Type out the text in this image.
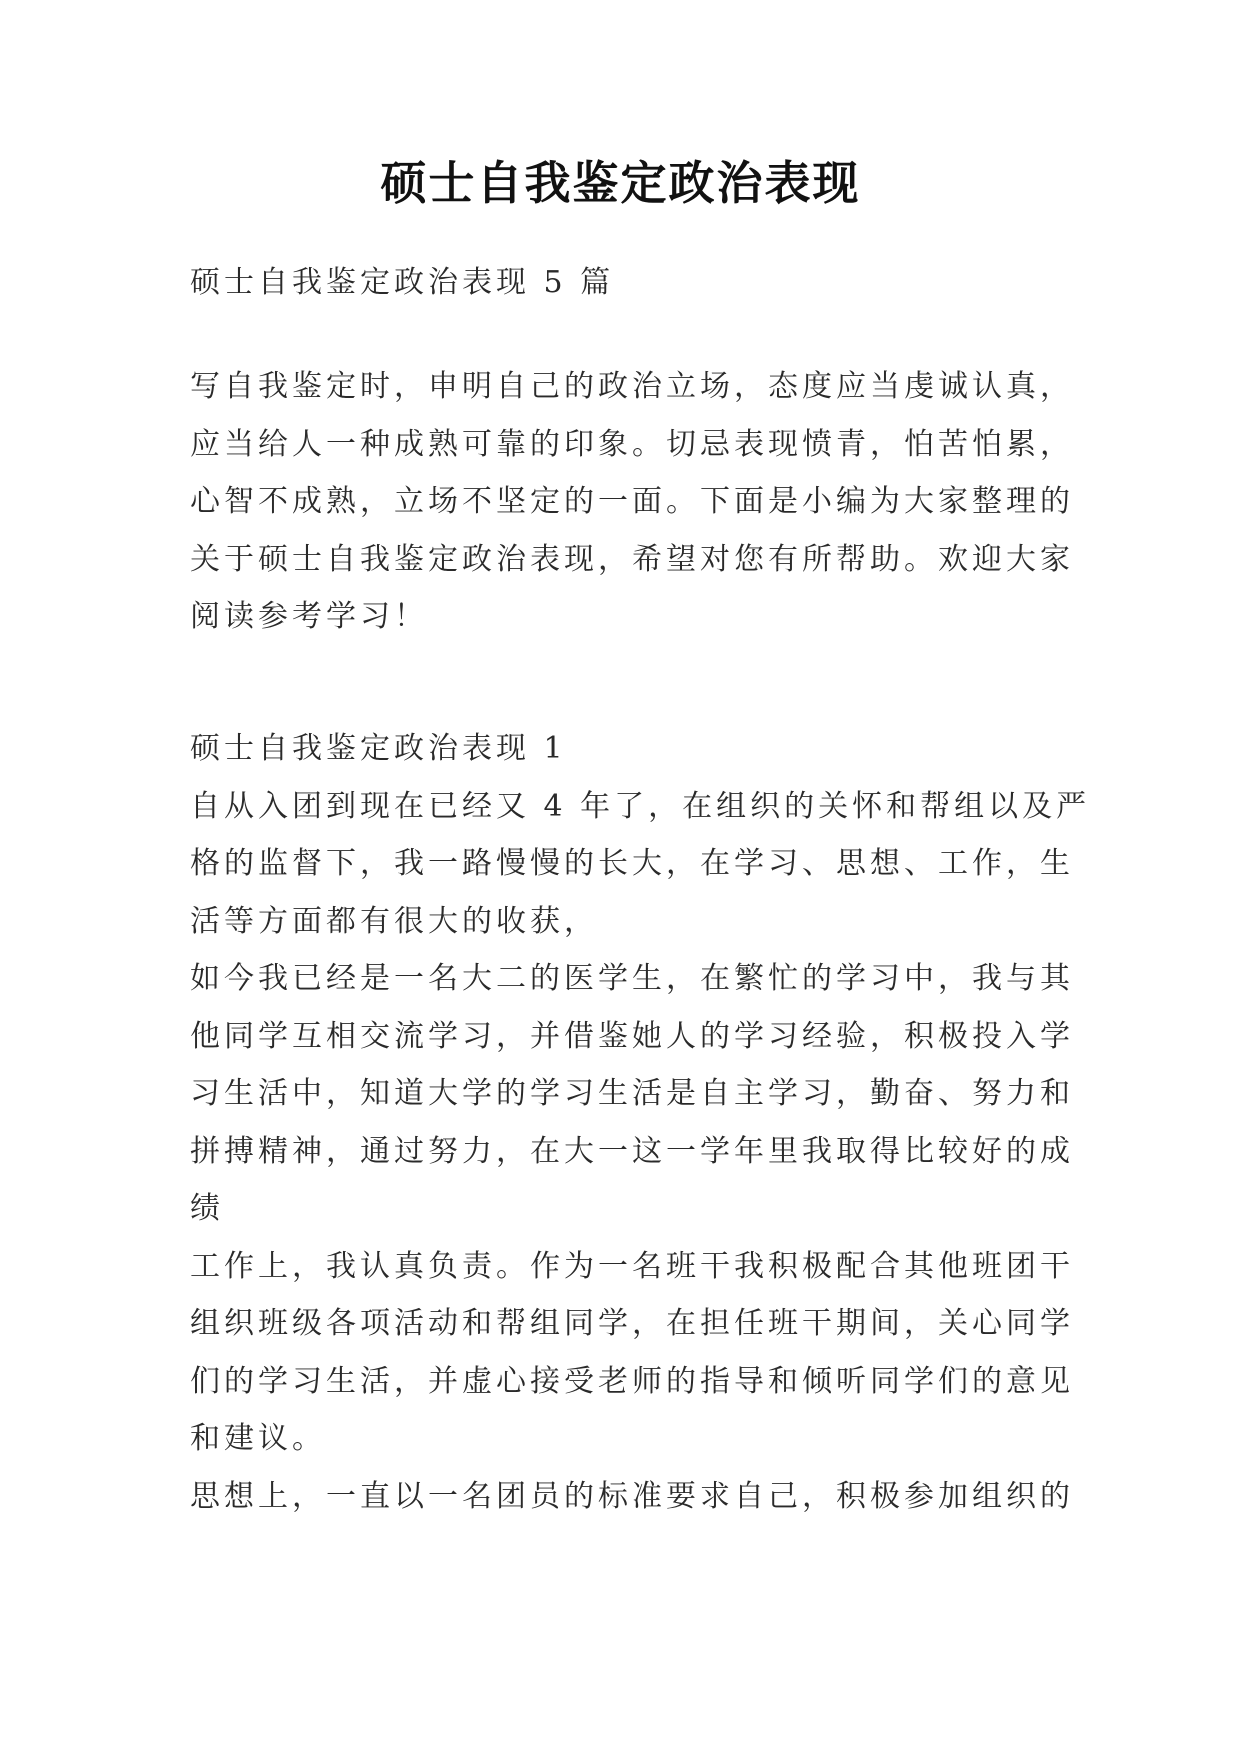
硕士自我鉴定政治表现
硕士自我鉴定政治表现 5 篇
写自我鉴定时，申明自己的政治立场，态度应当虔诚认真，
应当给人一种成熟可靠的印象。切忌表现愤青，怕苦怕累，
心智不成熟，立场不坚定的一面。下面是小编为大家整理的
关于硕士自我鉴定政治表现，希望对您有所帮助。欢迎大家
阅读参考学习！
硕士自我鉴定政治表现 1
自从入团到现在已经又 4 年了，在组织的关怀和帮组以及严
格的监督下，我一路慢慢的长大，在学习、思想、工作，生
活等方面都有很大的收获，
如今我已经是一名大二的医学生，在繁忙的学习中，我与其
他同学互相交流学习，并借鉴她人的学习经验，积极投入学
习生活中，知道大学的学习生活是自主学习，勤奋、努力和
拼搏精神，通过努力，在大一这一学年里我取得比较好的成
绩
工作上，我认真负责。作为一名班干我积极配合其他班团干
组织班级各项活动和帮组同学，在担任班干期间，关心同学
们的学习生活，并虚心接受老师的指导和倾听同学们的意见
和建议。
思想上，一直以一名团员的标准要求自己，积极参加组织的
